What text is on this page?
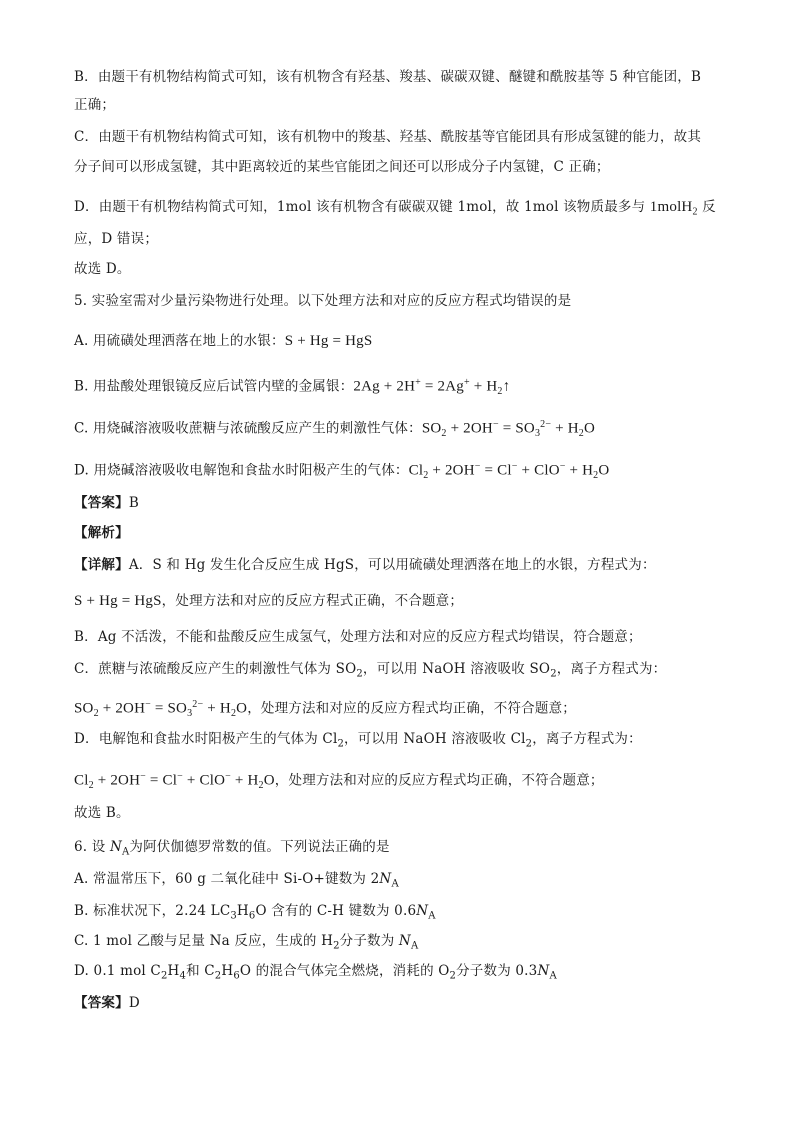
B．由题干有机物结构简式可知，该有机物含有羟基、羧基、碳碳双键、醚键和酰胺基等 5 种官能团，B
正确；
C．由题干有机物结构简式可知，该有机物中的羧基、羟基、酰胺基等官能团具有形成氢键的能力，故其
分子间可以形成氢键，其中距离较近的某些官能团之间还可以形成分子内氢键，C 正确；
D．由题干有机物结构简式可知，1mol 该有机物含有碳碳双键 1mol，故 1mol 该物质最多与 1molH$_2$ 反
应，D 错误；
故选 D。
5. 实验室需对少量污染物进行处理。以下处理方法和对应的反应方程式均错误的是
A. 用硫磺处理洒落在地上的水银：S + Hg = HgS
B. 用盐酸处理银镜反应后试管内壁的金属银：$2Ag + 2H^+ = 2Ag^+ + H_2↑$
C. 用烧碱溶液吸收蔗糖与浓硫酸反应产生的刺激性气体：$SO_2 + 2OH^- = SO_3^{2-} + H_2O$
D. 用烧碱溶液吸收电解饱和食盐水时阳极产生的气体：$Cl_2 + 2OH^- = Cl^- + ClO^- + H_2O$
【答案】B
【解析】
【详解】A．S 和 Hg 发生化合反应生成 HgS，可以用硫磺处理洒落在地上的水银，方程式为：
S + Hg = HgS，处理方法和对应的反应方程式正确，不合题意；
B．Ag 不活泼，不能和盐酸反应生成氢气，处理方法和对应的反应方程式均错误，符合题意；
C．蔗糖与浓硫酸反应产生的刺激性气体为 $SO_2$，可以用 NaOH 溶液吸收 $SO_2$，离子方程式为：
$SO_2 + 2OH^- = SO_3^{2-} + H_2O$，处理方法和对应的反应方程式均正确，不符合题意；
D．电解饱和食盐水时阳极产生的气体为 $Cl_2$，可以用 NaOH 溶液吸收 $Cl_2$，离子方程式为：
$Cl_2 + 2OH^- = Cl^- + ClO^- + H_2O$，处理方法和对应的反应方程式均正确，不符合题意；
故选 B。
6. 设 $N_A$为阿伏伽德罗常数的值。下列说法正确的是
A. 常温常压下，60 g 二氧化硅中 Si-O+键数为 $2N_A$
B. 标准状况下，2.24 $LC_3H_6O$ 含有的 C-H 键数为 $0.6N_A$
C. 1 mol 乙酸与足量 Na 反应，生成的 $H_2$分子数为 $N_A$
D. 0.1 mol $C_2H_4$和 $C_2H_6O$ 的混合气体完全燃烧，消耗的 $O_2$分子数为 $0.3N_A$
【答案】D
